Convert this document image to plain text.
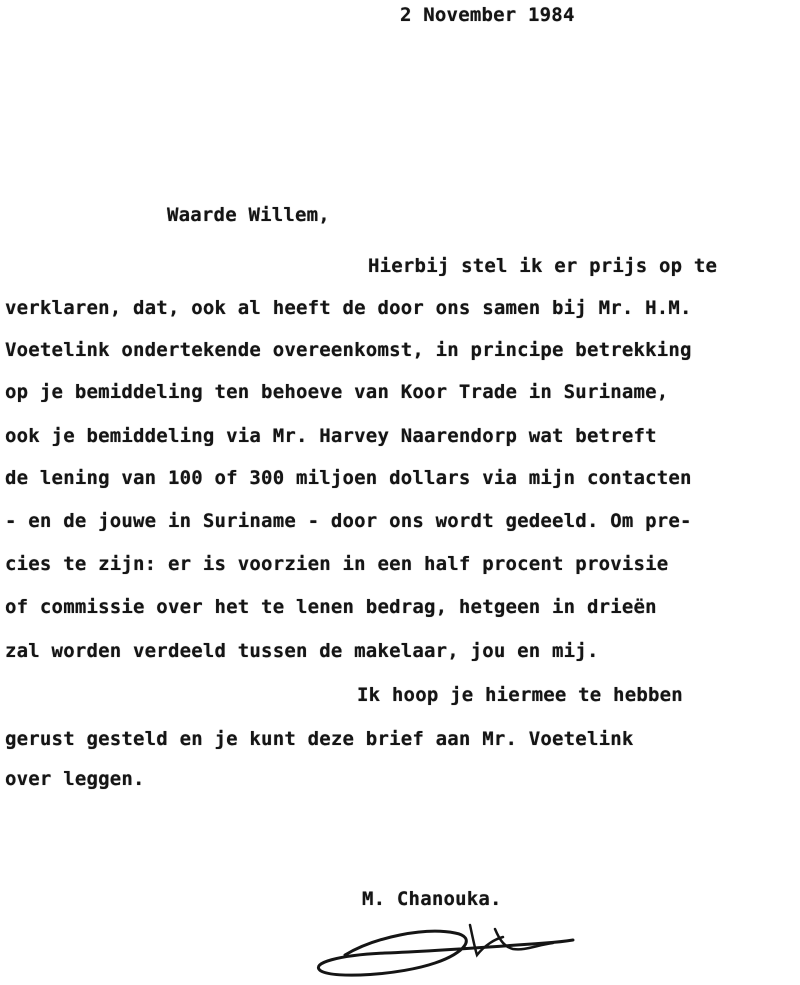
2 November 1984
Waarde Willem,
Hierbij stel ik er prijs op te
verklaren, dat, ook al heeft de door ons samen bij Mr. H.M.
Voetelink ondertekende overeenkomst, in principe betrekking
op je bemiddeling ten behoeve van Koor Trade in Suriname,
ook je bemiddeling via Mr. Harvey Naarendorp wat betreft
de lening van 100 of 300 miljoen dollars via mijn contacten
- en de jouwe in Suriname - door ons wordt gedeeld. Om pre-
cies te zijn: er is voorzien in een half procent provisie
of commissie over het te lenen bedrag, hetgeen in drieën
zal worden verdeeld tussen de makelaar, jou en mij.
Ik hoop je hiermee te hebben
gerust gesteld en je kunt deze brief aan Mr. Voetelink
over leggen.
M. Chanouka.
